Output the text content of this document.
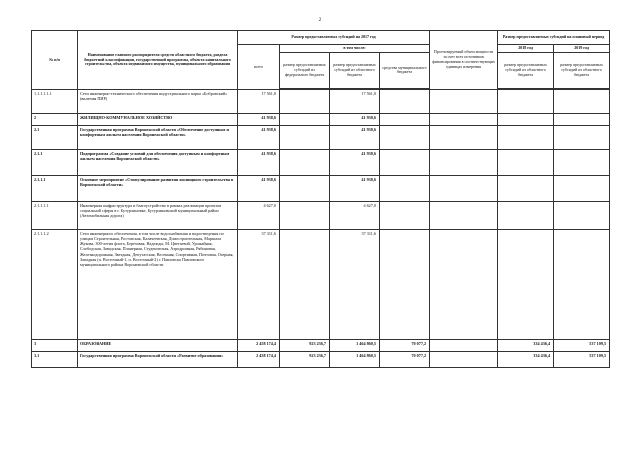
2
№ п/п	Наименование главного распорядителя средств областного бюджета, раздела бюджетной классификации, государственной программы, объекта капитального строительства, объекта недвижимого имущества, муниципального образования	Размер предоставляемых субсидий на 2017 год				Прогнозируемый объем мощности за счет всех источников финансирования в соответствующих единицах измерения	Размер предоставляемых субсидий на плановый период	
		всего	в том числе:				2018 год	2019 год
			размер предоставляемых субсидий из федерального бюджета	размер предоставляемых субсидий из областного бюджета	средства муниципального бюджета		размер предоставляемых субсидий из областного бюджета	размер предоставляемых субсидий из областного бюджета

1.1.1.1.1.1	Сети инженерно-технического обеспечения индустриального парка «Бобровский» (включая ПИР)	17 561,0		17 561,0				
2	ЖИЛИЩНО-КОММУНАЛЬНОЕ ХОЗЯЙСТВО	41 938,6		41 938,6				
2.1	Государственная программа Воронежской области «Обеспечение доступным и комфортным жильем населения Воронежской области»	41 938,6		41 938,6				
2.1.1	Подпрограмма «Создание условий для обеспечения доступным и комфортным жильем населения Воронежской области»	41 938,6		41 938,6				
2.1.1.1	Основное мероприятие «Стимулирование развития жилищного строительства в Воронежской области»	41 938,6		41 938,6				
2.1.1.1.1	Инженерная инфраструктура и благоустройство в рамках реализации проектов социальной сферы в г. Бутурлиновке, Бутурлиновский муниципальный район (Автомобильная дорога)	4 627,0		4 627,0				
2.1.1.1.2	Сети инженерного обеспечения, в том числе водоснабжения и водоотведения по улицам Строительная, Ростовская, Калачеевская, Домостроительная, Маршала Жукова, 300-летия флота, Березовая, Надежды, М. Цветаевой, Урожайная, Слободская, Заводская, Планерная, Студенческая, Аэродромная, Рябиновая, Железнодорожная, Звездная, Депутатская, Весенняя, Спортивная, Почтовая, Озерная, Западная (п. Восточный-1, п. Восточный-2) г. Павловска Павловского муниципального района Воронежской области	37 311,6		37 311,6				
3	ОБРАЗОВАНИЕ	2 458 174,4	923 236,7	1 464 860,5	70 077,2		334 436,4	537 109,5
3.1	Государственная программа Воронежской области «Развитие образования»	2 458 174,4	923 236,7	1 464 860,5	70 077,2		334 436,4	537 109,5
